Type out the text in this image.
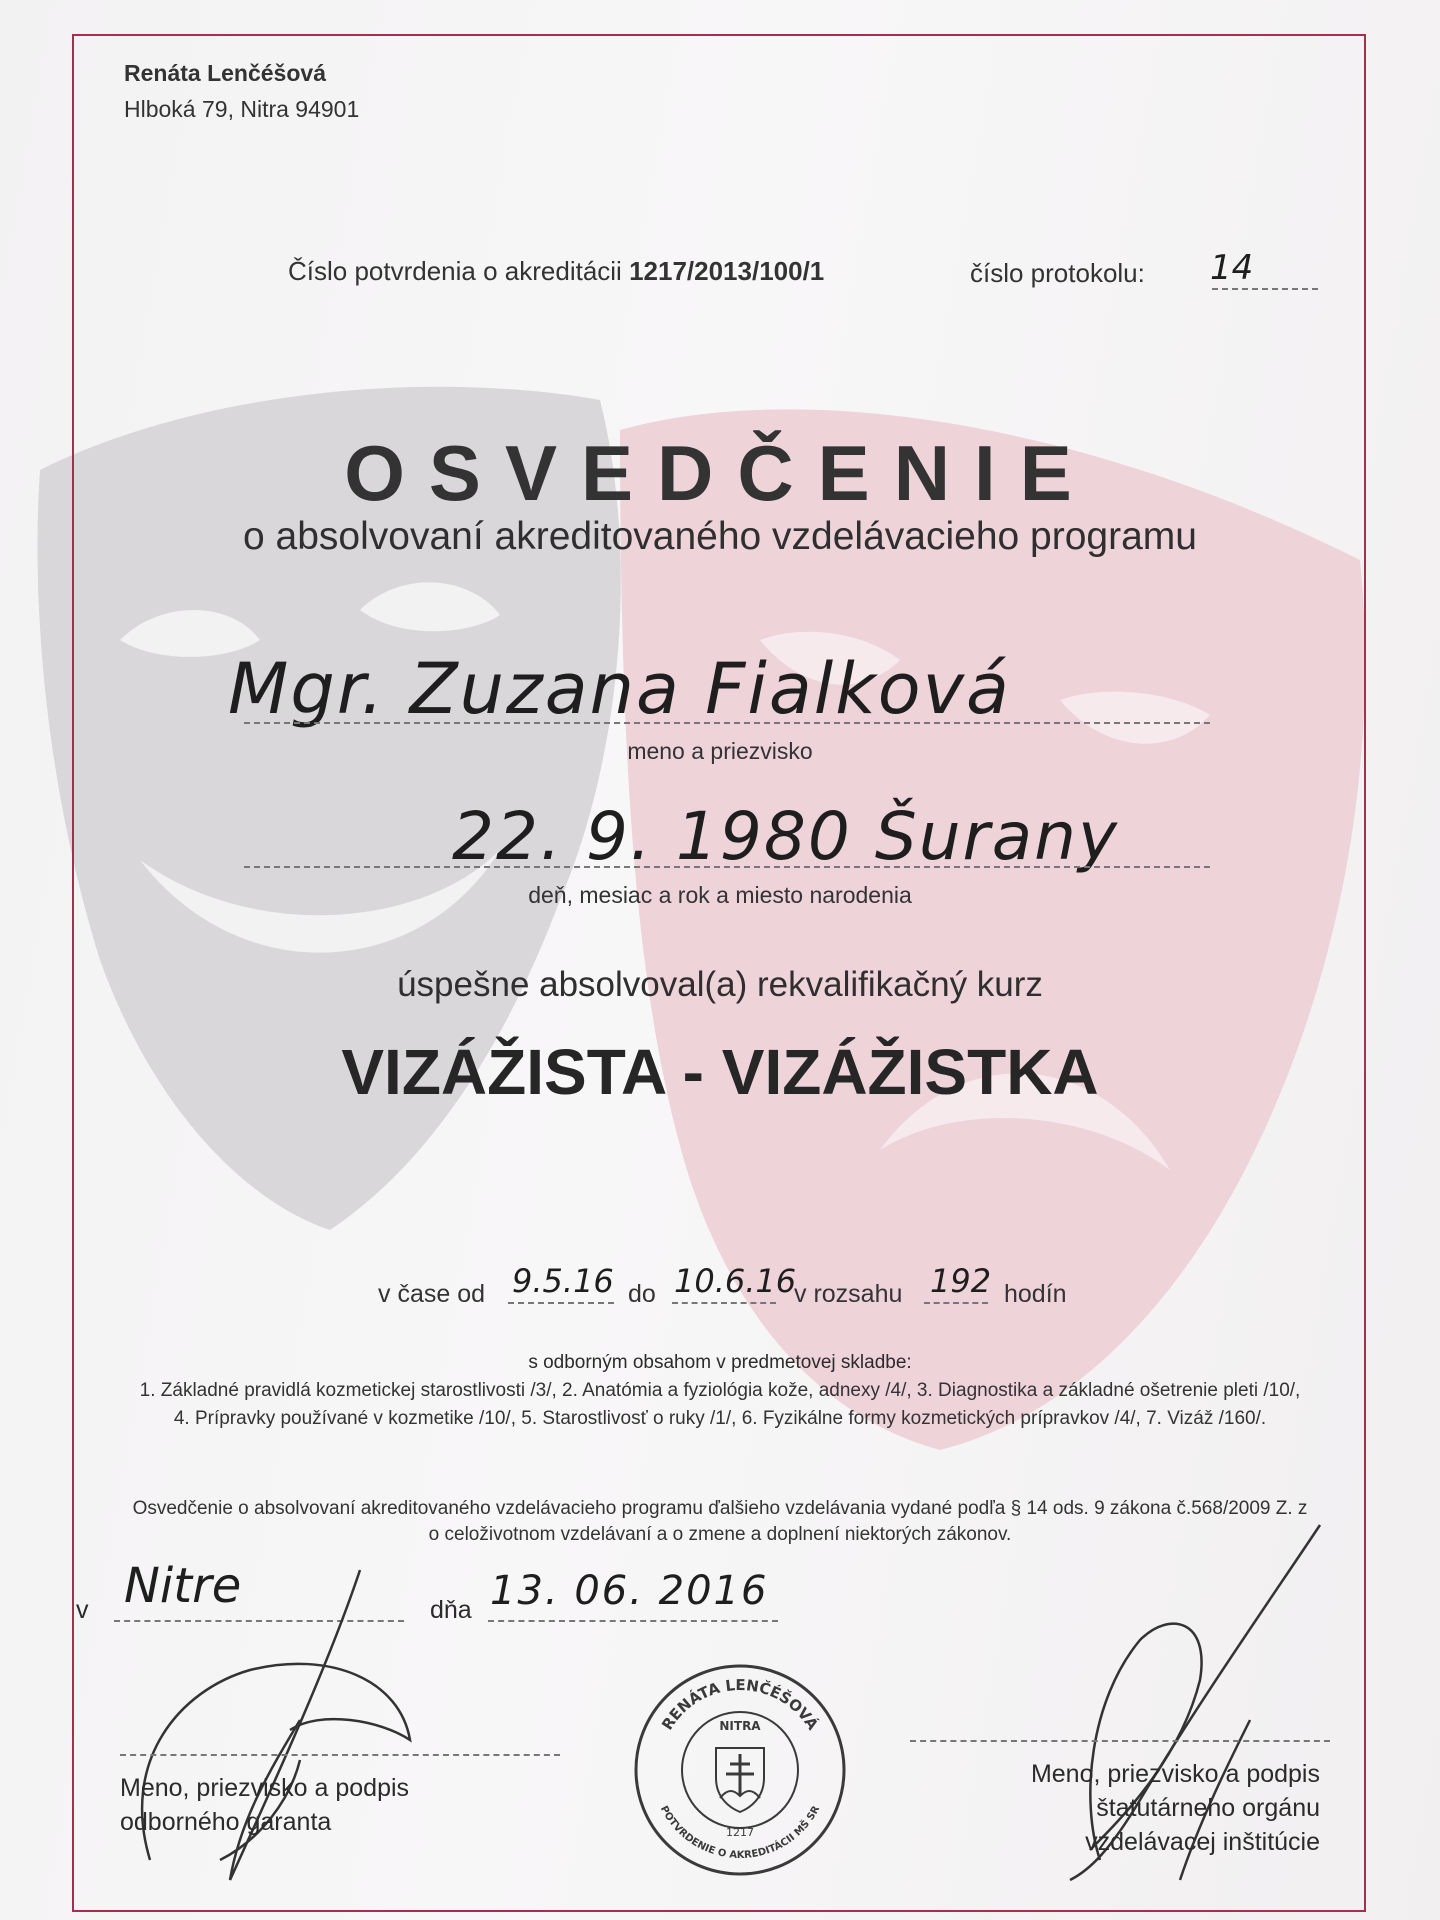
Renáta Lenčéšová
Hlboká 79, Nitra 94901
Číslo potvrdenia o akreditácii 1217/2013/100/1	číslo protokolu: 14
OSVEDČENIE
o absolvovaní akreditovaného vzdelávacieho programu
Mgr. Zuzana Fialková
meno a priezvisko
22. 9. 1980 Šurany
deň, mesiac a rok a miesto narodenia
úspešne absolvoval(a) rekvalifikačný kurz
VIZÁŽISTA - VIZÁŽISTKA
v čase od 9.5.16 do 10.6.16
v rozsahu 192 hodín
s odborným obsahom v predmetovej skladbe:
1. Základné pravidlá kozmetickej starostlivosti /3/, 2. Anatómia a fyziológia kože, adnexy /4/, 3. Diagnostika a základné ošetrenie pleti /10/,
4. Prípravky používané v kozmetike /10/, 5. Starostlivosť o ruky /1/, 6. Fyzikálne formy kozmetických prípravkov /4/, 7. Vizáž /160/.
Osvedčenie o absolvovaní akreditovaného vzdelávacieho programu ďalšieho vzdelávania vydané podľa § 14 ods. 9 zákona č.568/2009 Z. z
o celoživotnom vzdelávaní a o zmene a doplnení niektorých zákonov.
v Nitre	dňa 13. 06. 2016
Meno, priezvisko a podpis
odborného garanta
Meno, priezvisko a podpis
štatutárneho orgánu
vzdelávacej inštitúcie
RENÁTA LENČÉŠOVÁ
NITRA
1217
POTVRDENIE O AKREDITÁCII MŠ SR
